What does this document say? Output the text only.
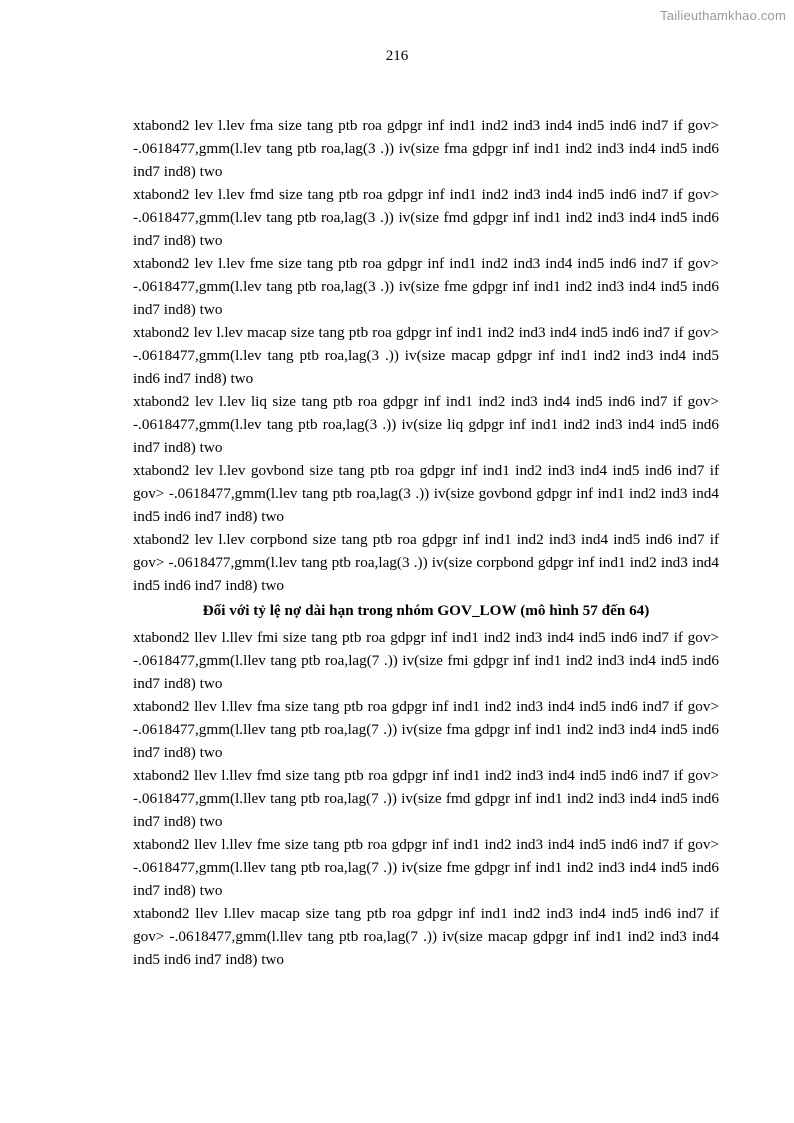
Tailieuthamkhao.com
216

xtabond2 lev l.lev fma size tang ptb roa gdpgr inf ind1 ind2 ind3 ind4 ind5 ind6 ind7 if gov> -.0618477,gmm(l.lev tang ptb roa,lag(3 .)) iv(size fma gdpgr inf ind1 ind2 ind3 ind4 ind5 ind6 ind7 ind8) two

xtabond2 lev l.lev fmd size tang ptb roa gdpgr inf ind1 ind2 ind3 ind4 ind5 ind6 ind7 if gov> -.0618477,gmm(l.lev tang ptb roa,lag(3 .)) iv(size fmd gdpgr inf ind1 ind2 ind3 ind4 ind5 ind6 ind7 ind8) two

xtabond2 lev l.lev fme size tang ptb roa gdpgr inf ind1 ind2 ind3 ind4 ind5 ind6 ind7 if gov> -.0618477,gmm(l.lev tang ptb roa,lag(3 .)) iv(size fme gdpgr inf ind1 ind2 ind3 ind4 ind5 ind6 ind7 ind8) two

xtabond2 lev l.lev macap size tang ptb roa gdpgr inf ind1 ind2 ind3 ind4 ind5 ind6 ind7 if gov> -.0618477,gmm(l.lev tang ptb roa,lag(3 .)) iv(size macap gdpgr inf ind1 ind2 ind3 ind4 ind5 ind6 ind7 ind8) two

xtabond2 lev l.lev liq size tang ptb roa gdpgr inf ind1 ind2 ind3 ind4 ind5 ind6 ind7 if gov> -.0618477,gmm(l.lev tang ptb roa,lag(3 .)) iv(size liq gdpgr inf ind1 ind2 ind3 ind4 ind5 ind6 ind7 ind8) two

xtabond2 lev l.lev govbond size tang ptb roa gdpgr inf ind1 ind2 ind3 ind4 ind5 ind6 ind7 if gov> -.0618477,gmm(l.lev tang ptb roa,lag(3 .)) iv(size govbond gdpgr inf ind1 ind2 ind3 ind4 ind5 ind6 ind7 ind8) two

xtabond2 lev l.lev corpbond size tang ptb roa gdpgr inf ind1 ind2 ind3 ind4 ind5 ind6 ind7 if gov> -.0618477,gmm(l.lev tang ptb roa,lag(3 .)) iv(size corpbond gdpgr inf ind1 ind2 ind3 ind4 ind5 ind6 ind7 ind8) two

Đối với tỷ lệ nợ dài hạn trong nhóm GOV_LOW (mô hình 57 đến 64)

xtabond2 llev l.llev fmi size tang ptb roa gdpgr inf ind1 ind2 ind3 ind4 ind5 ind6 ind7 if gov> -.0618477,gmm(l.llev tang ptb roa,lag(7 .)) iv(size fmi gdpgr inf ind1 ind2 ind3 ind4 ind5 ind6 ind7 ind8) two

xtabond2 llev l.llev fma size tang ptb roa gdpgr inf ind1 ind2 ind3 ind4 ind5 ind6 ind7 if gov> -.0618477,gmm(l.llev tang ptb roa,lag(7 .)) iv(size fma gdpgr inf ind1 ind2 ind3 ind4 ind5 ind6 ind7 ind8) two

xtabond2 llev l.llev fmd size tang ptb roa gdpgr inf ind1 ind2 ind3 ind4 ind5 ind6 ind7 if gov> -.0618477,gmm(l.llev tang ptb roa,lag(7 .)) iv(size fmd gdpgr inf ind1 ind2 ind3 ind4 ind5 ind6 ind7 ind8) two

xtabond2 llev l.llev fme size tang ptb roa gdpgr inf ind1 ind2 ind3 ind4 ind5 ind6 ind7 if gov> -.0618477,gmm(l.llev tang ptb roa,lag(7 .)) iv(size fme gdpgr inf ind1 ind2 ind3 ind4 ind5 ind6 ind7 ind8) two

xtabond2 llev l.llev macap size tang ptb roa gdpgr inf ind1 ind2 ind3 ind4 ind5 ind6 ind7 if gov> -.0618477,gmm(l.llev tang ptb roa,lag(7 .)) iv(size macap gdpgr inf ind1 ind2 ind3 ind4 ind5 ind6 ind7 ind8) two
